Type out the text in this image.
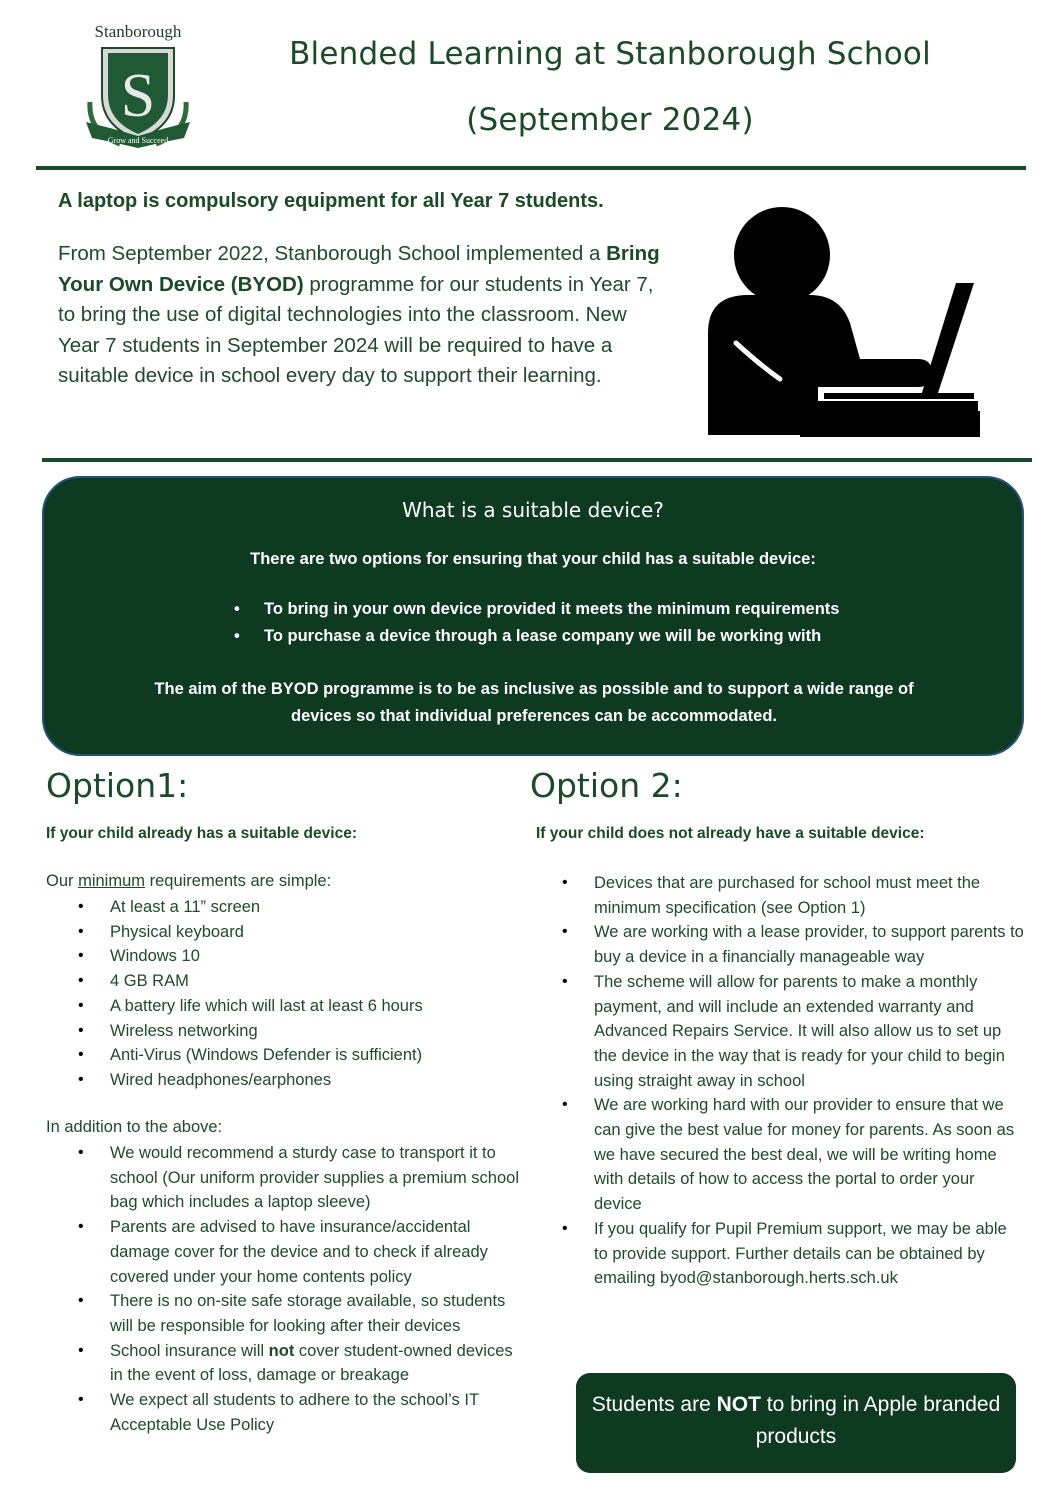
Stanborough
S
Grow and Succeed
Blended Learning at Stanborough School
(September 2024)
A laptop is compulsory equipment for all Year 7 students.
From September 2022, Stanborough School implemented a Bring Your Own Device (BYOD) programme for our students in Year 7, to bring the use of digital technologies into the classroom. New Year 7 students in September 2024 will be required to have a suitable device in school every day to support their learning.
What is a suitable device?
There are two options for ensuring that your child has a suitable device:
• To bring in your own device provided it meets the minimum requirements
• To purchase a device through a lease company we will be working with
The aim of the BYOD programme is to be as inclusive as possible and to support a wide range of devices so that individual preferences can be accommodated.
Option1:
If your child already has a suitable device:
Our minimum requirements are simple:
• At least a 11” screen
• Physical keyboard
• Windows 10
• 4 GB RAM
• A battery life which will last at least 6 hours
• Wireless networking
• Anti-Virus (Windows Defender is sufficient)
• Wired headphones/earphones
In addition to the above:
• We would recommend a sturdy case to transport it to school (Our uniform provider supplies a premium school bag which includes a laptop sleeve)
• Parents are advised to have insurance/accidental damage cover for the device and to check if already covered under your home contents policy
• There is no on-site safe storage available, so students will be responsible for looking after their devices
• School insurance will not cover student-owned devices in the event of loss, damage or breakage
• We expect all students to adhere to the school’s IT Acceptable Use Policy
Option 2:
If your child does not already have a suitable device:
• Devices that are purchased for school must meet the minimum specification (see Option 1)
• We are working with a lease provider, to support parents to buy a device in a financially manageable way
• The scheme will allow for parents to make a monthly payment, and will include an extended warranty and Advanced Repairs Service. It will also allow us to set up the device in the way that is ready for your child to begin using straight away in school
• We are working hard with our provider to ensure that we can give the best value for money for parents. As soon as we have secured the best deal, we will be writing home with details of how to access the portal to order your device
• If you qualify for Pupil Premium support, we may be able to provide support. Further details can be obtained by emailing byod@stanborough.herts.sch.uk
Students are NOT to bring in Apple branded products
